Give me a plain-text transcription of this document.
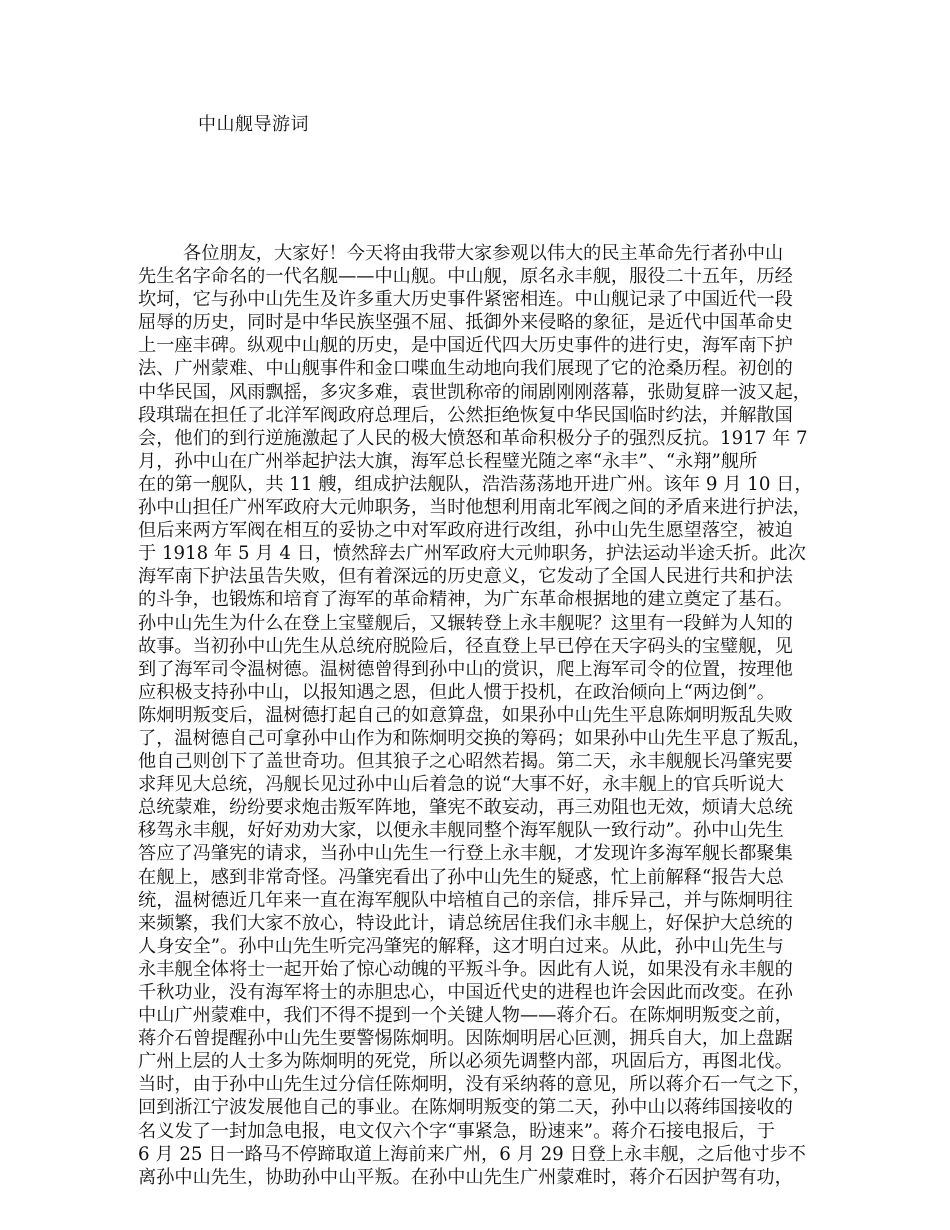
中山舰导游词
各位朋友，大家好！今天将由我带大家参观以伟大的民主革命先行者孙中山
先生名字命名的一代名舰——中山舰。中山舰，原名永丰舰，服役二十五年，历经
坎坷，它与孙中山先生及许多重大历史事件紧密相连。中山舰记录了中国近代一段
屈辱的历史，同时是中华民族坚强不屈、抵御外来侵略的象征，是近代中国革命史
上一座丰碑。纵观中山舰的历史，是中国近代四大历史事件的进行史，海军南下护
法、广州蒙难、中山舰事件和金口喋血生动地向我们展现了它的沧桑历程。初创的
中华民国，风雨飘摇，多灾多难，袁世凯称帝的闹剧刚刚落幕，张勋复辟一波又起，
段琪瑞在担任了北洋军阀政府总理后，公然拒绝恢复中华民国临时约法，并解散国
会，他们的到行逆施激起了人民的极大愤怒和革命积极分子的强烈反抗。1917 年 7
月，孙中山在广州举起护法大旗，海军总长程璧光随之率“永丰”、“永翔”舰所
在的第一舰队，共 11 艘，组成护法舰队，浩浩荡荡地开进广州。该年 9 月 10 日，
孙中山担任广州军政府大元帅职务，当时他想利用南北军阀之间的矛盾来进行护法，
但后来两方军阀在相互的妥协之中对军政府进行改组，孙中山先生愿望落空，被迫
于 1918 年 5 月 4 日，愤然辞去广州军政府大元帅职务，护法运动半途夭折。此次
海军南下护法虽告失败，但有着深远的历史意义，它发动了全国人民进行共和护法
的斗争，也锻炼和培育了海军的革命精神，为广东革命根据地的建立奠定了基石。
孙中山先生为什么在登上宝璧舰后，又辗转登上永丰舰呢？这里有一段鲜为人知的
故事。当初孙中山先生从总统府脱险后，径直登上早已停在天字码头的宝璧舰，见
到了海军司令温树德。温树德曾得到孙中山的赏识，爬上海军司令的位置，按理他
应积极支持孙中山，以报知遇之恩，但此人惯于投机，在政治倾向上“两边倒”。
陈炯明叛变后，温树德打起自己的如意算盘，如果孙中山先生平息陈炯明叛乱失败
了，温树德自己可拿孙中山作为和陈炯明交换的筹码；如果孙中山先生平息了叛乱，
他自己则创下了盖世奇功。但其狼子之心昭然若揭。第二天，永丰舰舰长冯肇宪要
求拜见大总统，冯舰长见过孙中山后着急的说“大事不好，永丰舰上的官兵听说大
总统蒙难，纷纷要求炮击叛军阵地，肇宪不敢妄动，再三劝阻也无效，烦请大总统
移驾永丰舰，好好劝劝大家，以便永丰舰同整个海军舰队一致行动”。孙中山先生
答应了冯肇宪的请求，当孙中山先生一行登上永丰舰，才发现许多海军舰长都聚集
在舰上，感到非常奇怪。冯肇宪看出了孙中山先生的疑惑，忙上前解释“报告大总
统，温树德近几年来一直在海军舰队中培植自己的亲信，排斥异己，并与陈炯明往
来频繁，我们大家不放心，特设此计，请总统居住我们永丰舰上，好保护大总统的
人身安全”。孙中山先生听完冯肇宪的解释，这才明白过来。从此，孙中山先生与
永丰舰全体将士一起开始了惊心动魄的平叛斗争。因此有人说，如果没有永丰舰的
千秋功业，没有海军将士的赤胆忠心，中国近代史的进程也许会因此而改变。在孙
中山广州蒙难中，我们不得不提到一个关键人物——蒋介石。在陈炯明叛变之前，
蒋介石曾提醒孙中山先生要警惕陈炯明。因陈炯明居心叵测，拥兵自大，加上盘踞
广州上层的人士多为陈炯明的死党，所以必须先调整内部，巩固后方，再图北伐。
当时，由于孙中山先生过分信任陈炯明，没有采纳蒋的意见，所以蒋介石一气之下，
回到浙江宁波发展他自己的事业。在陈炯明叛变的第二天，孙中山以蒋纬国接收的
名义发了一封加急电报，电文仅六个字“事紧急，盼速来”。蒋介石接电报后，于
6 月 25 日一路马不停蹄取道上海前来广州，6 月 29 日登上永丰舰，之后他寸步不
离孙中山先生，协助孙中山平叛。在孙中山先生广州蒙难时，蒋介石因护驾有功，
